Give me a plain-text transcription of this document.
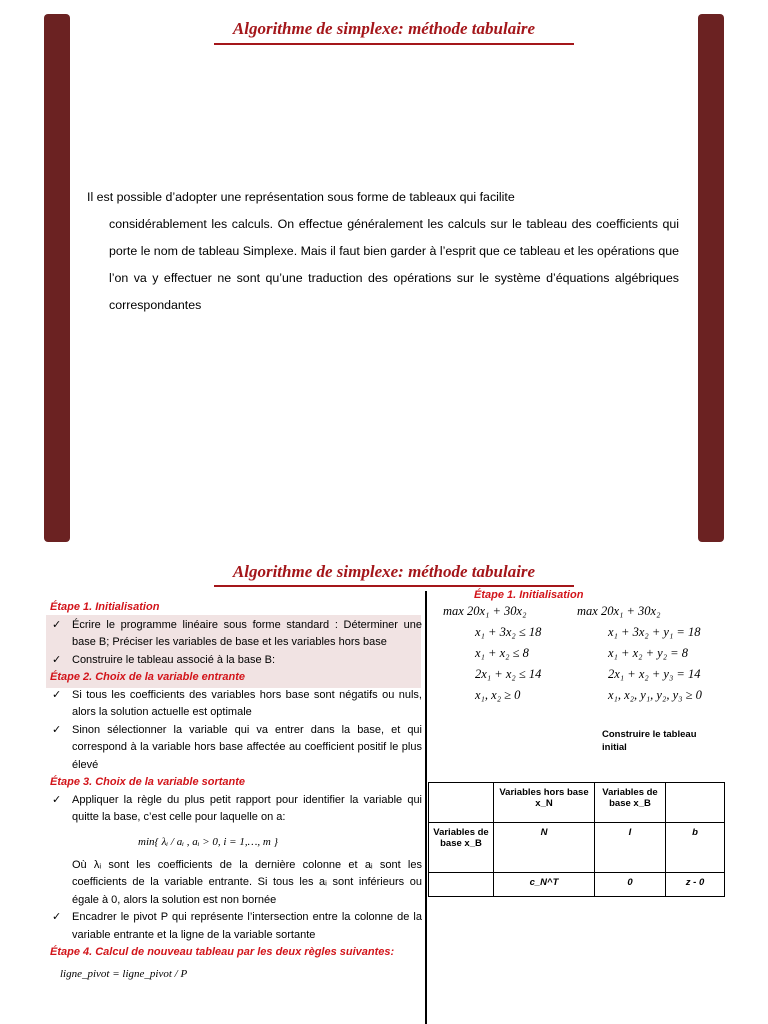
Algorithme de simplexe: méthode tabulaire
Il est possible d’adopter une représentation sous forme de tableaux qui facilite
considérablement les calculs. On effectue généralement les calculs sur le tableau des coefficients qui porte le nom de tableau Simplexe. Mais il faut bien garder à l’esprit que ce tableau et les opérations que l’on va y effectuer ne sont qu’une traduction des opérations sur le système d’équations algébriques correspondantes
Algorithme de simplexe: méthode tabulaire
Étape 1. Initialisation
✓ Écrire le programme linéaire sous forme standard : Déterminer une base B; Préciser les variables de base et les variables hors base
✓ Construire le tableau associé à la base B:
Étape 2. Choix de la variable entrante
✓ Si tous les coefficients des variables hors base sont négatifs ou nuls, alors la solution actuelle est optimale
✓ Sinon sélectionner la variable qui va entrer dans la base, et qui correspond à la variable hors base affectée au coefficient positif le plus élevé
Étape 3. Choix de la variable sortante
✓ Appliquer la règle du plus petit rapport pour identifier la variable qui quitte la base, c’est celle pour laquelle on a:
min{ λᵢ / aᵢ , aᵢ > 0, i = 1,…, m }
Où λᵢ sont les coefficients de la dernière colonne et aᵢ sont les coefficients de la variable entrante. Si tous les aᵢ sont inférieurs ou égale à 0, alors la solution est non bornée
✓ Encadrer le pivot P qui représente l’intersection entre la colonne de la variable entrante et la ligne de la variable sortante
Étape 4. Calcul de nouveau tableau par les deux règles suivantes:
ligne_pivot = ligne_pivot / P
Étape 1. Initialisation
max 20x₁ + 30x₂
x₁ + 3x₂ ≤ 18
x₁ + x₂ ≤ 8
2x₁ + x₂ ≤ 14
x₁, x₂ ≥ 0
max 20x₁ + 30x₂
x₁ + 3x₂ + y₁ = 18
x₁ + x₂ + y₂ = 8
2x₁ + x₂ + y₃ = 14
x₁, x₂, y₁, y₂, y₃ ≥ 0
Construire le tableau initial
	Variables hors base x_N	Variables de base x_B	
Variables de base x_B	N	I	b
	c_N^T	0	z - 0
